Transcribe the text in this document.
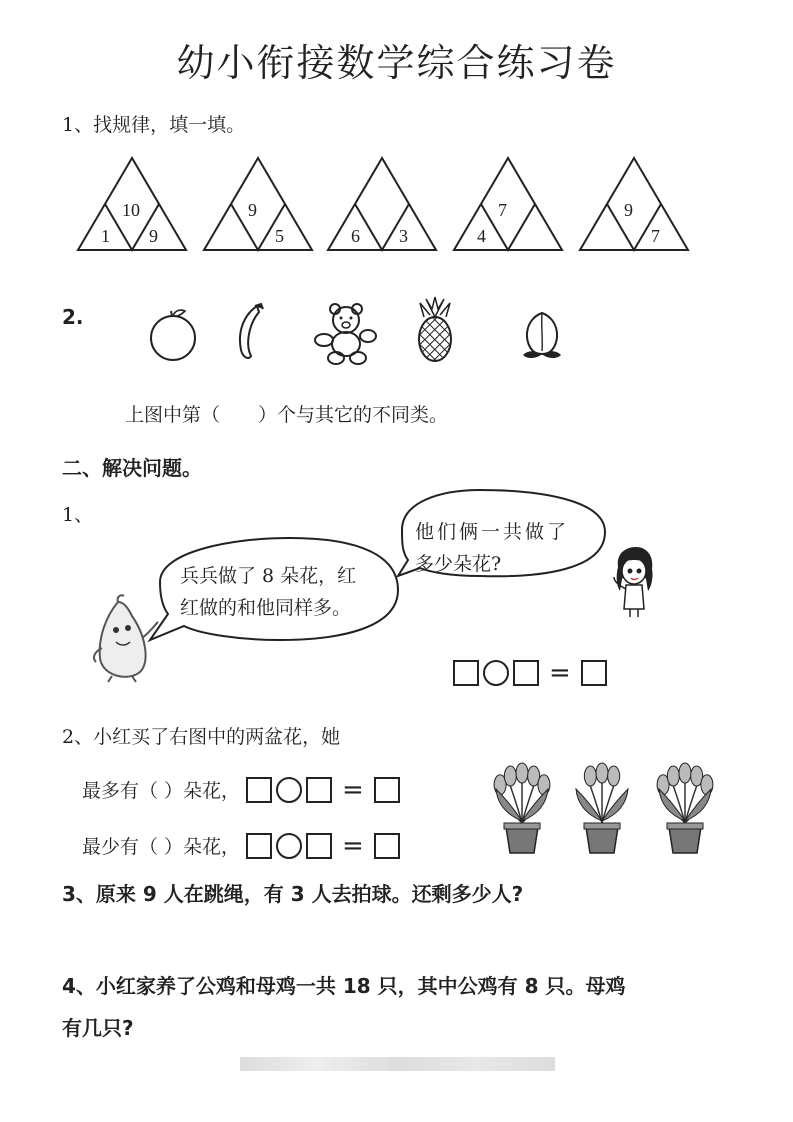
幼小衔接数学综合练习卷
1、找规律，填一填。
10
1 9
9
5	6 3
7
4
9
7
2.
上图中第（　　）个与其它的不同类。
二、解决问题。
1、
兵兵做了 8 朵花，红
红做的和他同样多。
他们俩一共做了
多少朵花?
=
2、小红买了右图中的两盆花，她
最多有（ ）朵花，	=
最少有（ ）朵花，	=
3、原来 9 人在跳绳，有 3 人去拍球。还剩多少人?
4、小红家养了公鸡和母鸡一共 18 只，其中公鸡有 8 只。母鸡
有几只?
